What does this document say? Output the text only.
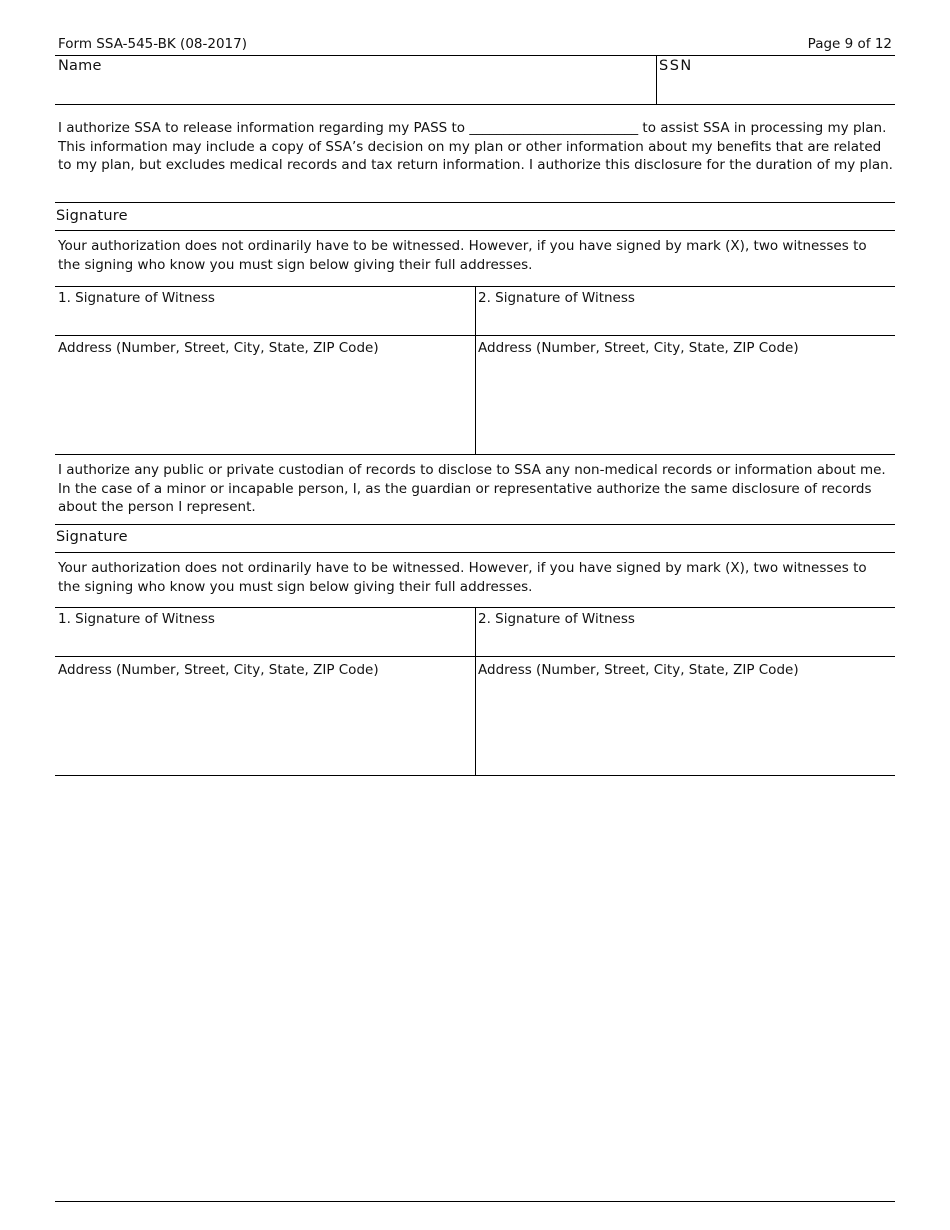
Form SSA-545-BK (08-2017)	Page 9 of 12
Name	SSN
I authorize SSA to release information regarding my PASS to _________________________ to assist SSA in processing my plan. This information may include a copy of SSA’s decision on my plan or other information about my benefits that are related to my plan, but excludes medical records and tax return information. I authorize this disclosure for the duration of my plan.
Signature
Your authorization does not ordinarily have to be witnessed. However, if you have signed by mark (X), two witnesses to the signing who know you must sign below giving their full addresses.
1. Signature of Witness	2. Signature of Witness
Address (Number, Street, City, State, ZIP Code)	Address (Number, Street, City, State, ZIP Code)
I authorize any public or private custodian of records to disclose to SSA any non-medical records or information about me. In the case of a minor or incapable person, I, as the guardian or representative authorize the same disclosure of records about the person I represent.
Signature
Your authorization does not ordinarily have to be witnessed. However, if you have signed by mark (X), two witnesses to the signing who know you must sign below giving their full addresses.
1. Signature of Witness	2. Signature of Witness
Address (Number, Street, City, State, ZIP Code)	Address (Number, Street, City, State, ZIP Code)
